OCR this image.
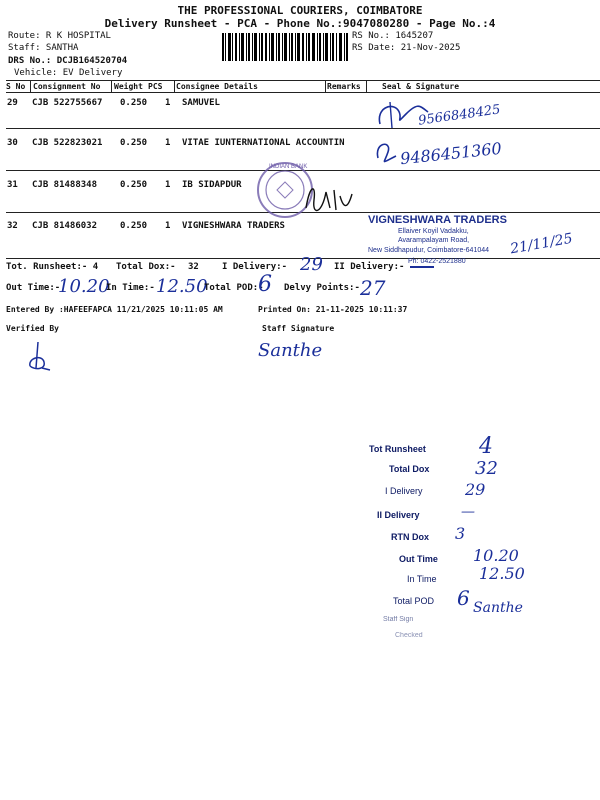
THE PROFESSIONAL COURIERS, COIMBATORE
Delivery Runsheet - PCA - Phone No.:9047080280 - Page No.:4
Route: R K HOSPITAL
Staff: SANTHA
DRS No.: DCJB164520704
Vehicle: EV Delivery
RS No.: 1645207
RS Date: 21-Nov-2025
S No Consignment No Weight PCS Consignee Details	Remarks	Seal & Signature
29 CJB 522755667 0.250 1 SAMUVEL	9566848425
30 CJB 522823021 0.250 1 VITAE IUNTERNATIONAL ACCOUNTIN	9486451360
31 CJB 81488348	0.250 1 IB SIDAPDUR
INDIAN BANK
32 CJB 81486032	0.250 1 VIGNESHWARA TRADERS	VIGNESHWARA TRADERS
Ellaiver Koyil Vadakku,
Avarampalayam Road,
New Siddhapudur, Coimbatore-641044
Ph: 0422-2521880
21/11/25
Tot. Runsheet:- 4 Total Dox:- 32	I Delivery:- 29 II Delivery:-
Out Time:-
10.20
In Time:- 12.50
Total POD:-
6 Delvy Points:- 27
Entered By :HAFEEFAPCA 11/21/2025 10:11:05 AM	Printed On: 21-11-2025 10:11:37
Verified By	Staff Signature
Santhe
Tot Runsheet 4
Total Dox	32
I Delivery	29
II Delivery	—
RTN Dox 3
Out Time 10.20
In Time	12.50
Total POD 6
Staff Sign
Santhe
Checked
